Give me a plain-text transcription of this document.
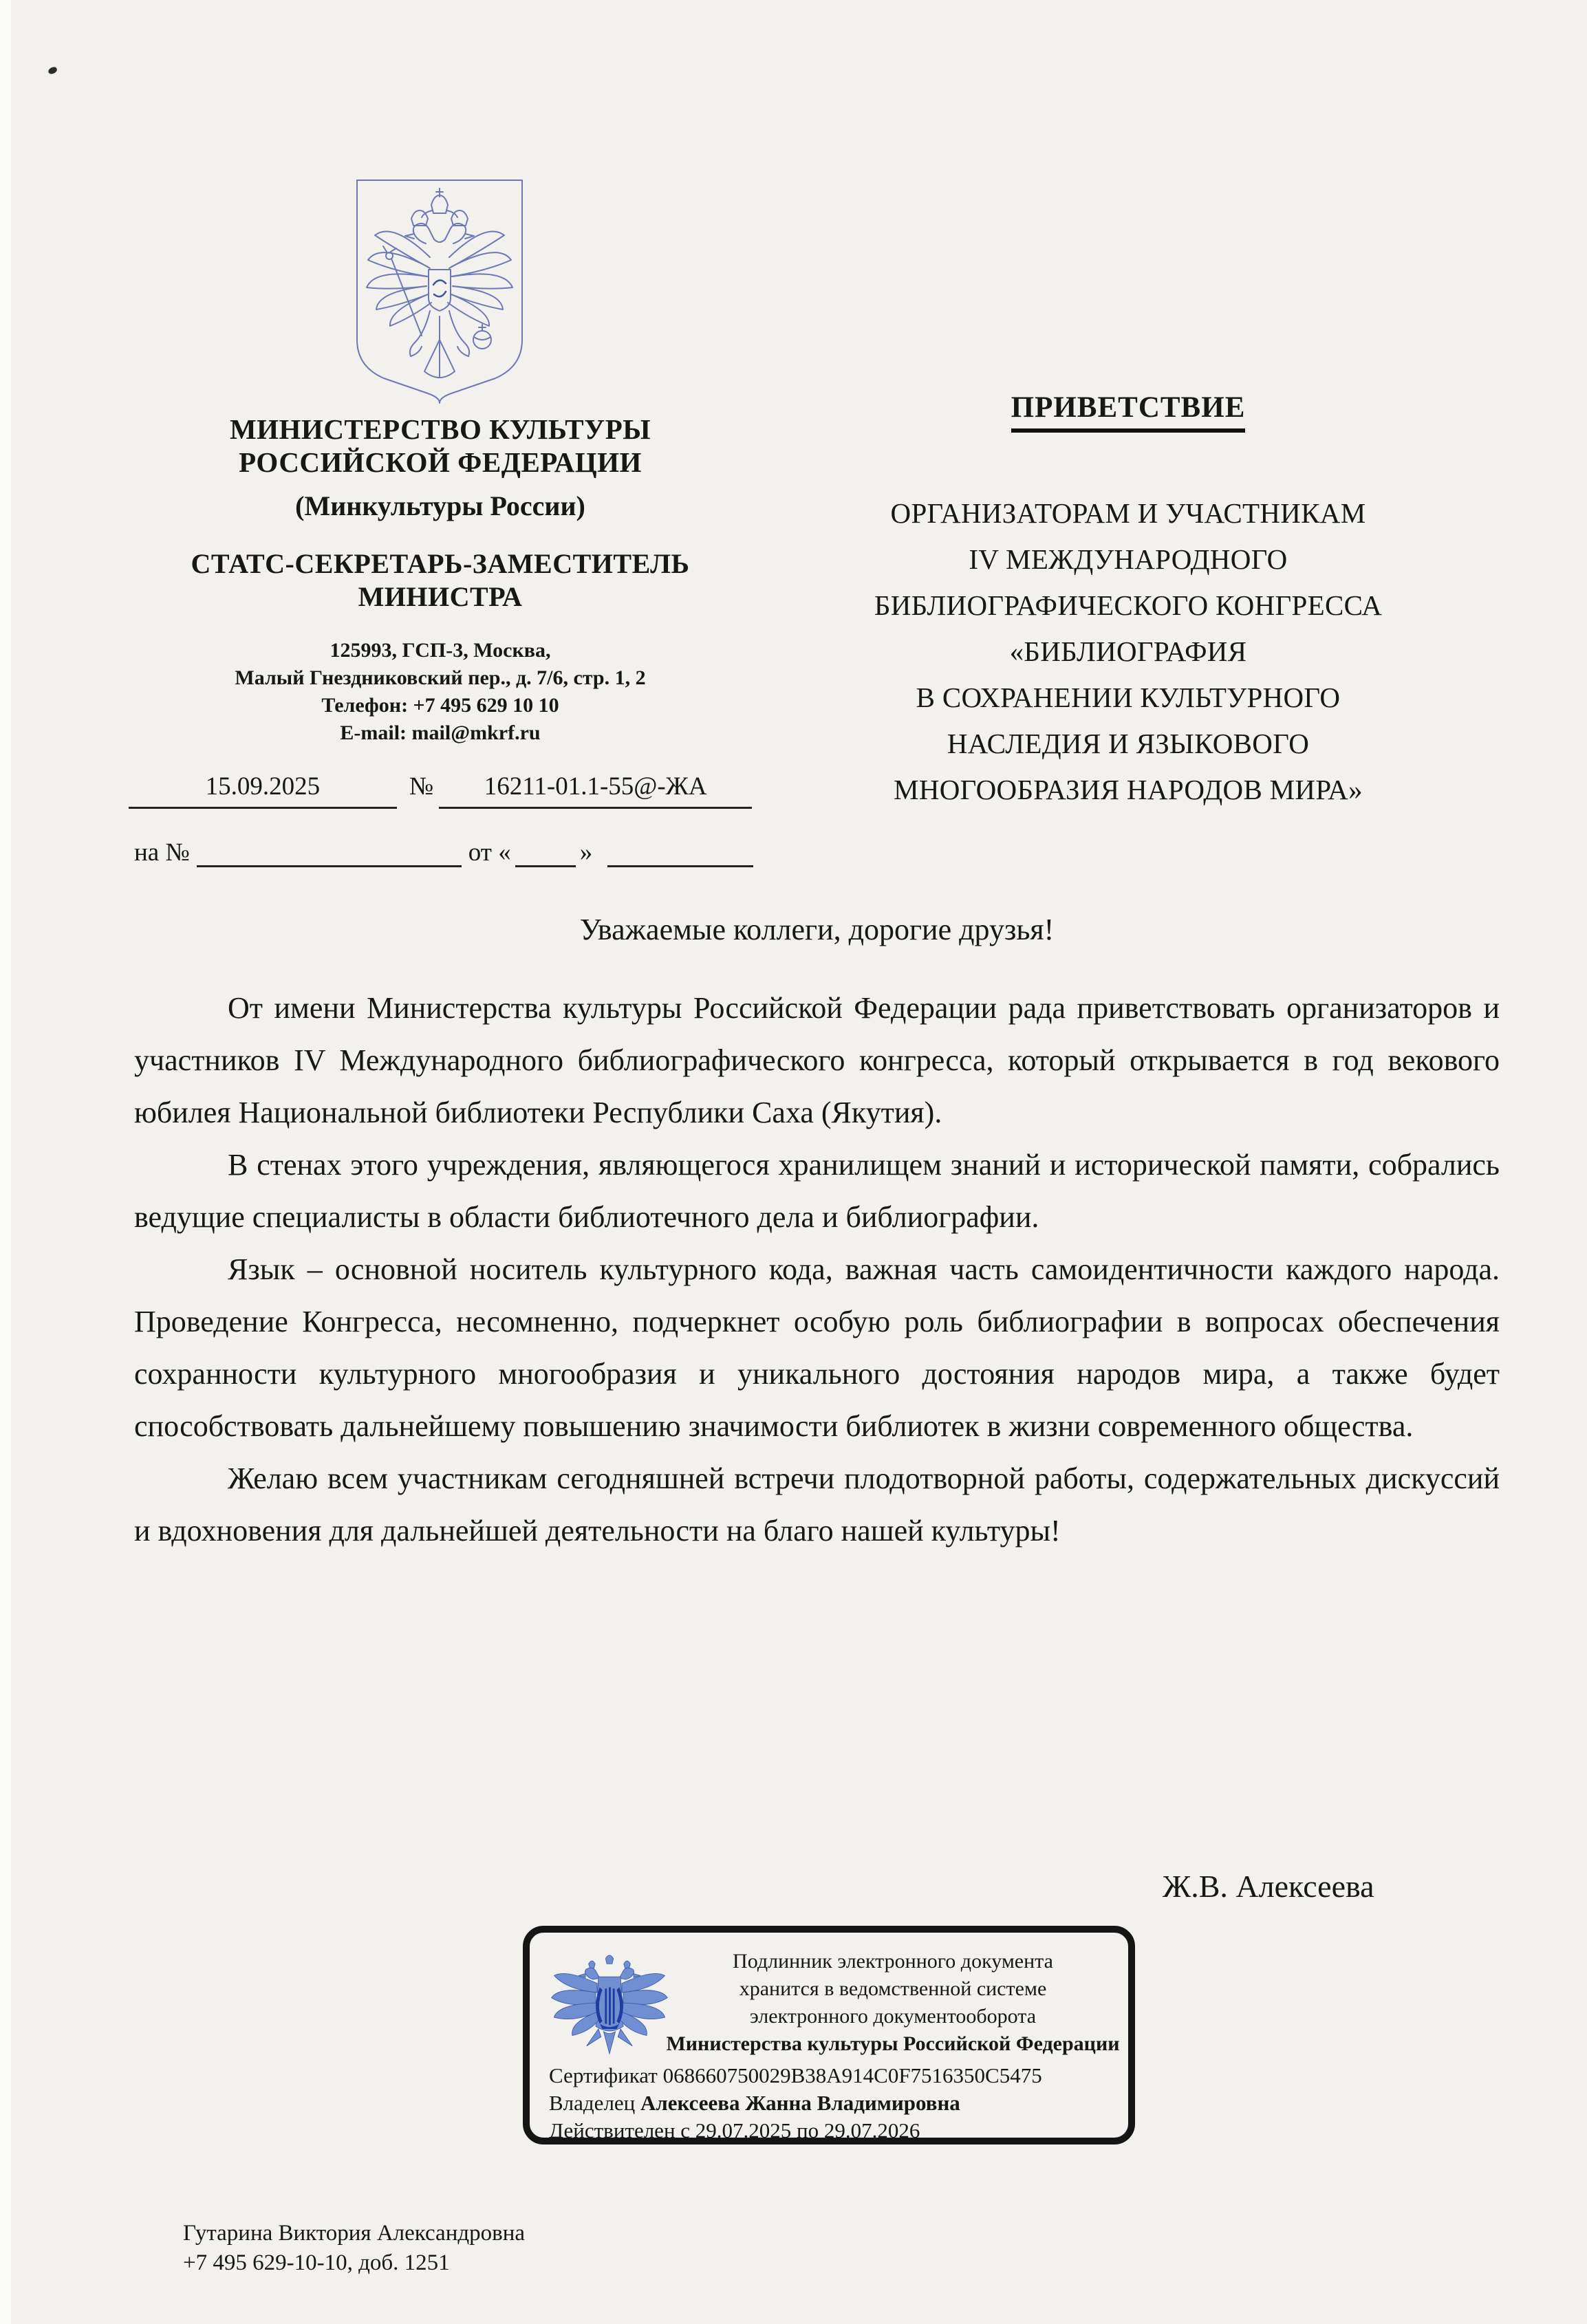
МИНИСТЕРСТВО КУЛЬТУРЫ
РОССИЙСКОЙ ФЕДЕРАЦИИ
(Минкультуры России)
СТАТС-СЕКРЕТАРЬ-ЗАМЕСТИТЕЛЬ
МИНИСТРА
125993, ГСП-3, Москва,
Малый Гнездниковский пер., д. 7/6, стр. 1, 2
Телефон: +7 495 629 10 10
E-mail: mail@mkrf.ru
15.09.2025	№ 16211-01.1-55@-ЖА
на №	от «	»
ПРИВЕТСТВИЕ
ОРГАНИЗАТОРАМ И УЧАСТНИКАМ
IV МЕЖДУНАРОДНОГО
БИБЛИОГРАФИЧЕСКОГО КОНГРЕССА
«БИБЛИОГРАФИЯ
В СОХРАНЕНИИ КУЛЬТУРНОГО
НАСЛЕДИЯ И ЯЗЫКОВОГО
МНОГООБРАЗИЯ НАРОДОВ МИРА»

Уважаемые коллеги, дорогие друзья!

От имени Министерства культуры Российской Федерации рада приветствовать организаторов и участников IV Международного библиографического конгресса, который открывается в год векового юбилея Национальной библиотеки Республики Саха (Якутия).

В стенах этого учреждения, являющегося хранилищем знаний и исторической памяти, собрались ведущие специалисты в области библиотечного дела и библиографии.

Язык – основной носитель культурного кода, важная часть самоидентичности каждого народа. Проведение Конгресса, несомненно, подчеркнет особую роль библиографии в вопросах обеспечения сохранности культурного многообразия и уникального достояния народов мира, а также будет способствовать дальнейшему повышению значимости библиотек в жизни современного общества.

Желаю всем участникам сегодняшней встречи плодотворной работы, содержательных дискуссий и вдохновения для дальнейшей деятельности на благо нашей культуры!

Ж.В. Алексеева
Подлинник электронного документа
хранится в ведомственной системе
электронного документооборота
Министерства культуры Российской Федерации
Сертификат 068660750029B38A914C0F7516350C5475
Владелец Алексеева Жанна Владимировна
Действителен с 29.07.2025 по 29.07.2026
Гутарина Виктория Александровна
+7 495 629-10-10, доб. 1251
